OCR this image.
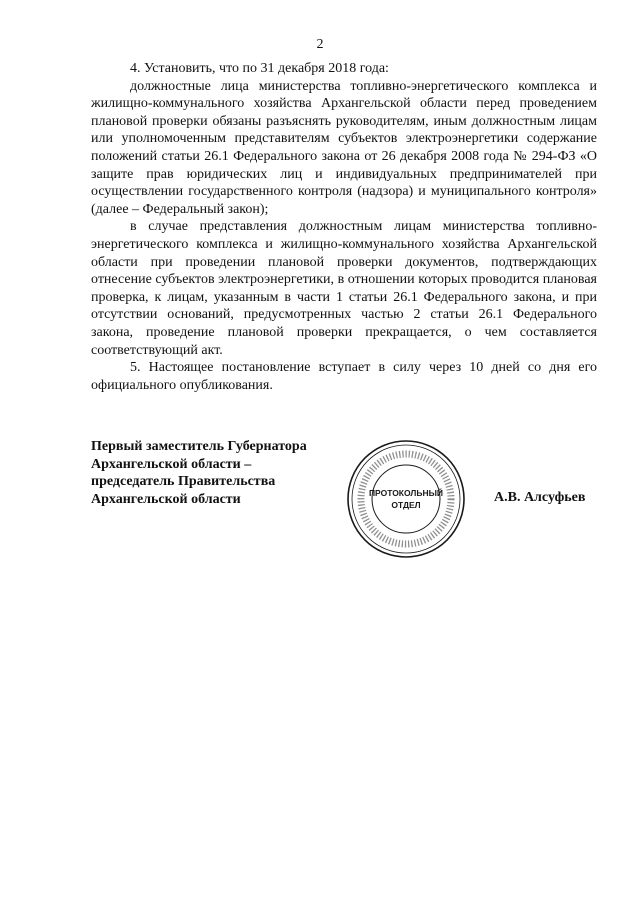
2

4. Установить, что по 31 декабря 2018 года:

должностные лица министерства топливно-энергетического комплекса и жилищно-коммунального хозяйства Архангельской области перед проведением плановой проверки обязаны разъяснять руководителям, иным должностным лицам или уполномоченным представителям субъектов электроэнергетики содержание положений статьи 26.1 Федерального закона от 26 декабря 2008 года № 294-ФЗ «О защите прав юридических лиц и индивидуальных предпринимателей при осуществлении государственного контроля (надзора) и муниципального контроля» (далее – Федеральный закон);

в случае представления должностным лицам министерства топливно-энергетического комплекса и жилищно-коммунального хозяйства Архангельской области при проведении плановой проверки документов, подтверждающих отнесение субъектов электроэнергетики, в отношении которых проводится плановая проверка, к лицам, указанным в части 1 статьи 26.1 Федерального закона, и при отсутствии оснований, предусмотренных частью 2 статьи 26.1 Федерального закона, проведение плановой проверки прекращается, о чем составляется соответствующий акт.

5. Настоящее постановление вступает в силу через 10 дней со дня его официального опубликования.

Первый заместитель Губернатора
Архангельской области –
председатель Правительства
Архангельской области	ПРОТОКОЛЬНЫЙ
ОТДЕЛ	А.В. Алсуфьев
